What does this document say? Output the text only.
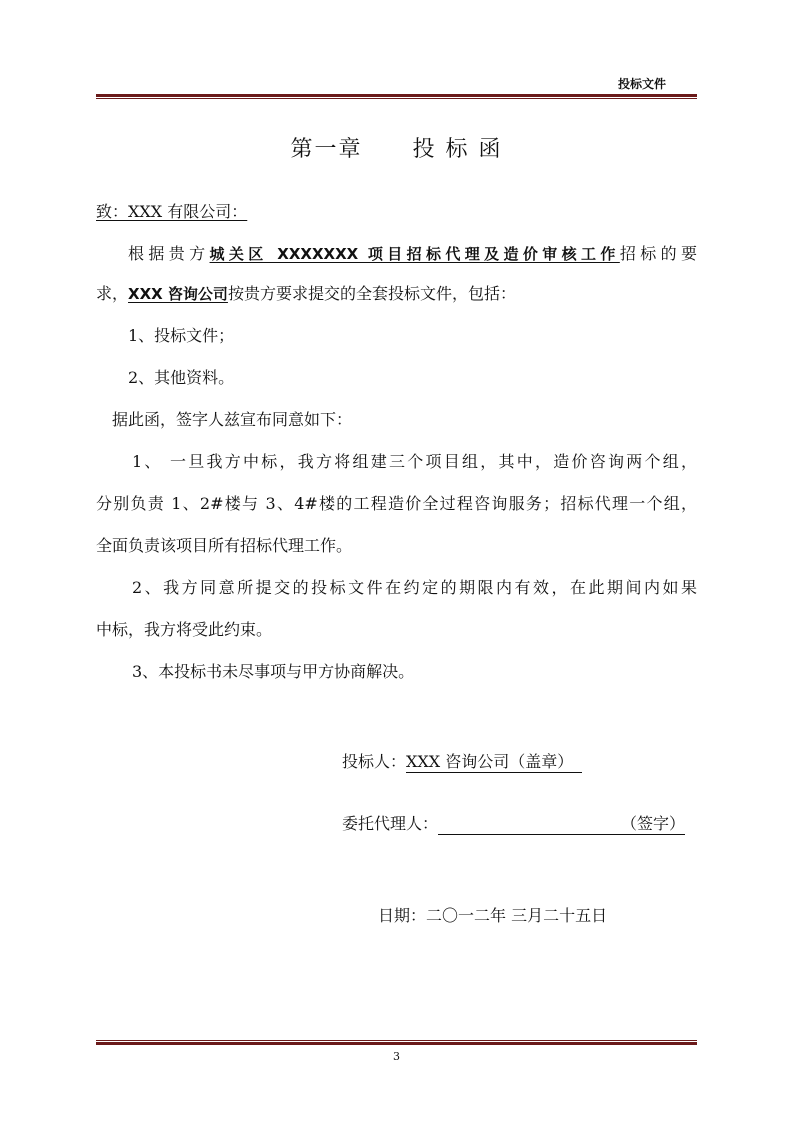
投标文件
第一章 投 标 函
致：XXX 有限公司：
根据贵方城关区 XXXXXXX 项目招标代理及造价审核工作招标的要
求，XXX 咨询公司按贵方要求提交的全套投标文件，包括：
1、投标文件；
2、其他资料。
据此函，签字人兹宣布同意如下：
1、 一旦我方中标，我方将组建三个项目组，其中，造价咨询两个组，
分别负责 1、2#楼与 3、4#楼的工程造价全过程咨询服务；招标代理一个组，
全面负责该项目所有招标代理工作。
2、我方同意所提交的投标文件在约定的期限内有效，在此期间内如果
中标，我方将受此约束。
3、本投标书未尽事项与甲方协商解决。
投标人：XXX 咨询公司（盖章）
委托代理人：	（签字）
日期：二〇一二年 三月二十五日
3
